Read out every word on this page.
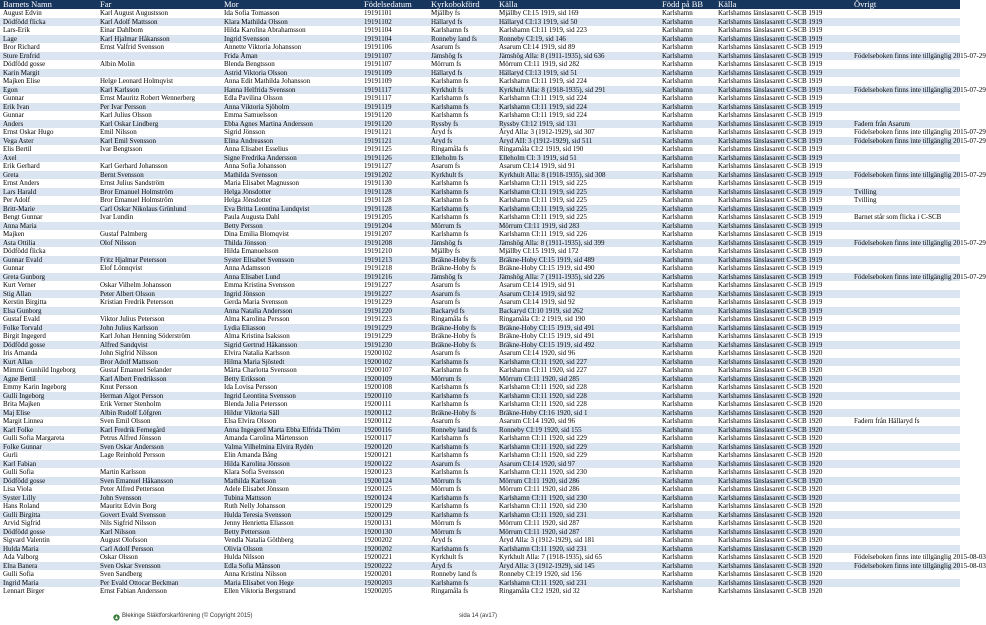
Barnets Namn	Far	Mor	Födelsedatum	Kyrkobokförd	Källa	Född på BB	Källa	Övrigt
August Edvin	Karl August Augustsson	Ida Sofia Tomasson	19191101	Mjällby fs	Mjällby CI:15 1919, sid 169	Karlshamn	Karlshamns länslasarett C-SCB 1919	
Dödfödd flicka	Karl Adolf Mattsson	Klara Mathilda Olsson	19191102	Hällaryd fs	Hällaryd CI:13 1919, sid 50	Karlshamn	Karlshamns länslasarett C-SCB 1919	
Lars-Erik	Einar Dahlbom	Hilda Karolina Abrahamsson	19191104	Karlshamn fs	Karlshamn CI:11 1919, sid 223	Karlshamn	Karlshamns länslasarett C-SCB 1919	
Lage	Karl Hjalmar Håkansson	Ingrid Svensson	19191104	Ronneby land fs	Ronneby CI:19, sid 146	Karlshamn	Karlshamns länslasarett C-SCB 1919	
Bror Richard	Ernst Valfrid Svensson	Annette Viktoria Johansson	19191106	Asarum fs	Asarum CI:14 1919, sid 89	Karlshamn	Karlshamns länslasarett C-SCB 1919	
Sture Ernfrid		Frida Åman	19191107	Jämshög fs	Jämshög Alla: 8 (1911-1935), sid 636	Karlshamn	Karlshamns länslasarett C-SCB 1919	Födelseboken finns inte tillgänglig 2015-07-29
Dödfödd gosse	Albin Molin	Blenda Bengtsson	19191107	Mörrum fs	Mörrum CI:11 1919, sid 282	Karlshamn	Karlshamns länslasarett C-SCB 1919	
Karin Margit		Astrid Viktoria Olsson	19191109	Hällaryd fs	Hällaryd CI:13 1919, sid 51	Karlshamn	Karlshamns länslasarett C-SCB 1919	
Majken Elise	Helge Leonard Holmqvist	Anna Edit Mathilda Johansson	19191109	Karlshamn fs	Karlshamn CI:11 1919, sid 224	Karlshamn	Karlshamns länslasarett C-SCB 1919	
Egon	Karl Karlsson	Hanna Helfrida Svensson	19191117	Kyrkhult fs	Kyrkhult Alla: 8 (1918-1935), sid 291	Karlshamn	Karlshamns länslasarett C-SCB 1919	Födelseboken finns inte tillgänglig 2015-07-29
Gunnar	Ernst Mauritz Robert Wennerberg	Edla Pavilina Olsson	19191117	Karlshamn fs	Karlshamn CI:11 1919, sid 224	Karlshamn	Karlshamns länslasarett C-SCB 1919	
Erik Ivan	Per Ivar Persson	Anna Viktoria Sjöholm	19191119	Karlshamn fs	Karlshamn CI:11 1919, sid 224	Karlshamn	Karlshamns länslasarett C-SCB 1919	
Gunnar	Karl Julius Olsson	Emma Samuelsson	19191120	Karlshamn fs	Karlshamn CI:11 1919, sid 224	Karlshamn	Karlshamns länslasarett C-SCB 1919	
Anders	Karl Oskar Lindberg	Ebba Agnes Martina Andersson	19191120	Ryssby fs	Ryssby CI:12 1919, sid 131	Karlshamn	Karlshamns länslasarett C-SCB 1919	Fadern från Asarum
Ernst Oskar Hugo	Emil Nilsson	Sigrid Jönsson	19191121	Åryd fs	Åryd Alla: 3 (1912-1929), sid 307	Karlshamn	Karlshamns länslasarett C-SCB 1919	Födelseboken finns inte tillgänglig 2015-07-29
Vega Aster	Karl Emil Svensson	Elina Andreasson	19191121	Åryd fs	Åryd AII: 3 (1912-1929), sid 511	Karlshamn	Karlshamns länslasarett C-SCB 1919	Födelseboken finns inte tillgänglig 2015-07-29
Elis Bertil	Ivar Bengtsson	Anna Elisabet Esselius	19191125	Ringamåla fs	Ringamåla CI:2 1919, sid 190	Karlshamn	Karlshamns länslasarett C-SCB 1919	
Axel		Signe Fredrika Andersson	19191126	Elleholm fs	Elleholm CI: 3 1919, sid 51	Karlshamn	Karlshamns länslasarett C-SCB 1919	
Erik Gerhard	Karl Gerhard Johansson	Anna Sofia Johansson	19191127	Asarum fs	Asarum CI:14 1919, sid 91	Karlshamn	Karlshamns länslasarett C-SCB 1919	
Greta	Bernt Svensson	Mathilda Svensson	19191202	Kyrkhult fs	Kyrkhult Alla: 8 (1918-1935), sid 308	Karlshamn	Karlshamns länslasarett C-SCB 1919	Födelseboken finns inte tillgänglig 2015-07-29
Ernst Anders	Ernst Julius Sandström	Maria Elisabet Magnusson	19191130	Karlshamn fs	Karlshamn CI:11 1919, sid 225	Karlshamn	Karlshamns länslasarett C-SCB 1919	
Lars Harald	Bror Emanuel Holmström	Helga Jönsdotter	19191128	Karlshamn fs	Karlshamn CI:11 1919, sid 225	Karlshamn	Karlshamns länslasarett C-SCB 1919	Tvilling
Per Adolf	Bror Emanuel Holmström	Helga Jönsdotter	19191128	Karlshamn fs	Karlshamn CI:11 1919, sid 225	Karlshamn	Karlshamns länslasarett C-SCB 1919	Tvilling
Britt-Marie	Carl Oskar Nikolaus Grünlund	Eva Britta Leontina Lundqvist	19191128	Karlshamn fs	Karlshamn CI:11 1919, sid 225	Karlshamn	Karlshamns länslasarett C-SCB 1919	
Bengt Gunnar	Ivar Lundin	Paula Augusta Dahl	19191205	Karlshamn fs	Karlshamn CI:11 1919, sid 225	Karlshamn	Karlshamns länslasarett C-SCB 1919	Barnet står som flicka i C-SCB
Anna Maria		Betty Persson	19191204	Mörrum fs	Mörrum CI:11 1919, sid 283	Karlshamn	Karlshamns länslasarett C-SCB 1919	
Majken	Gustaf Palmberg	Dina Emilia Blomqvist	19191207	Karlshamn fs	Karlshamn CI:11 1919, sid 226	Karlshamn	Karlshamns länslasarett C-SCB 1919	
Asta Ottilia	Olof Nilsson	Thilda Jönsson	19191208	Jämshög fs	Jämshög Alla: 8 (1911-1935), sid 399	Karlshamn	Karlshamns länslasarett C-SCB 1919	Födelseboken finns inte tillgänglig 2015-07-29
Dödfödd flicka		Hilda Emanuelsson	19191210	Mjällby fs	Mjällby CI:15 1919, sid 172	Karlshamn	Karlshamns länslasarett C-SCB 1919	
Gunnar Evald	Fritz Hjalmar Petersson	Syster Elisabet Svensson	19191213	Bräkne-Hoby fs	Bräkne-Hoby CI:15 1919, sid 489	Karlshamn	Karlshamns länslasarett C-SCB 1919	
Gunnar	Elof Lönnqvist	Anna Adamsson	19191218	Bräkne-Hoby fs	Bräkne-Hoby CI:15 1919, sid 490	Karlshamn	Karlshamns länslasarett C-SCB 1919	
Greta Gunborg		Anna Elisabet Lund	19191216	Jämshög fs	Jämshög Alla: 7 (1911-1935), sid 226	Karlshamn	Karlshamns länslasarett C-SCB 1919	Födelseboken finns inte tillgänglig 2015-07-29
Kurt Verner	Oskar Vilhelm Johansson	Emma Kristina Svensson	19191227	Asarum fs	Asarum CI:14 1919, sid 91	Karlshamn	Karlshamns länslasarett C-SCB 1919	
Stig Allan	Peter Albert Olsson	Ingrid Jönsson	19191227	Asarum fs	Asarum CI:14 1919, sid 92	Karlshamn	Karlshamns länslasarett C-SCB 1919	
Kerstin Birgitta	Kristian Fredrik Petersson	Gerda Maria Svensson	19191229	Asarum fs	Asarum CI:14 1919, sid 92	Karlshamn	Karlshamns länslasarett C-SCB 1919	
Elsa Gunborg		Anna Natalia Andersson	19191220	Backaryd fs	Backaryd CI:10 1919, sid 262	Karlshamn	Karlshamns länslasarett C-SCB 1919	
Gustaf Evald	Viktor Julius Petersson	Alma Karolina Persson	19191223	Ringamåla fs	Ringamåla CI: 2 1919, sid 190	Karlshamn	Karlshamns länslasarett C-SCB 1919	
Folke Torvald	John Julius Karlsson	Lydia Eliasson	19191229	Bräkne-Hoby fs	Bräkne-Hoby CI:15 1919, sid 491	Karlshamn	Karlshamns länslasarett C-SCB 1919	
Birgit Ingegerd	Karl Johan Henning Söderström	Alma Kristina Isaksson	19191229	Bräkne-Hoby fs	Bräkne-Hoby CI:15 1919, sid 491	Karlshamn	Karlshamns länslasarett C-SCB 1919	
Dödfödd gosse	Alfred Sandqvist	Sigrid Gertrud Håkansson	19191230	Bräkne-Hoby fs	Bräkne-Hoby CI:15 1919, sid 492	Karlshamn	Karlshamns länslasarett C-SCB 1919	
Iris Amanda	John Sigfrid Nilsson	Elvira Natalia Karlsson	19200102	Asarum fs	Asarum CI:14 1920, sid 96	Karlshamn	Karlshamns länslasarett C-SCB 1920	
Kurt Allan	Bror Adolf Mattsson	Hilma Maria Sjöstedt	19200102	Karlshamn fs	Karlshamn CI:11 1920, sid 227	Karlshamn	Karlshamns länslasarett C-SCB 1920	
Mimmi Gunhild Ingeborg	Gustaf Emanuel Selander	Märta Charlotta Svensson	19200107	Karlshamn fs	Karlshamn CI:11 1920, sid 227	Karlshamn	Karlshamns länslasarett C-SCB 1920	
Agne Bertil	Karl Albert Fredriksson	Betty Eriksson	19200109	Mörrum fs	Mörrum CI:11 1920, sid 285	Karlshamn	Karlshamns länslasarett C-SCB 1920	
Emmy Karin Ingeborg	Knut Persson	Ida Lovisa Persson	19200108	Karlshamn fs	Karlshamn CI:11 1920, sid 228	Karlshamn	Karlshamns länslasarett C-SCB 1920	
Gulli Ingeborg	Herman Algot Persson	Ingrid Leontina Svensson	19200110	Karlshamn fs	Karlshamn CI:11 1920, sid 228	Karlshamn	Karlshamns länslasarett C-SCB 1920	
Brita Majken	Erik Verner Stenholm	Blenda Julia Petersson	19200111	Karlshamn fs	Karlshamn CI:11 1920, sid 228	Karlshamn	Karlshamns länslasarett C-SCB 1920	
Maj Elise	Albin Rudolf Löfgren	Hildur Viktoria Säll	19200112	Bräkne-Hoby fs	Bräkne-Hoby CI:16 1920, sid 1	Karlshamn	Karlshamns länslasarett C-SCB 1920	
Margit Linnea	Sven Emil Olsson	Elsa Elvira Olsson	19200112	Asarum fs	Asarum CI:14 1920, sid 96	Karlshamn	Karlshamns länslasarett C-SCB 1920	Fadern från Hällaryd fs
Karl Folke	Karl Fredrik Fernegård	Anna Ingegerd Marta Ebba Elfrida Thörn	19200116	Ronneby land fs	Ronneby CI:19 1920, sid 155	Karlshamn	Karlshamns länslasarett C-SCB 1920	
Gulli Sofia Margareta	Petrus Alfred Jönsson	Amanda Carolina Mårtensson	19200117	Karlshamn fs	Karlshamn CI:11 1920, sid 229	Karlshamn	Karlshamns länslasarett C-SCB 1920	
Folke Gunnar	Sven Oskar Andersson	Valma Vilhelmina Elvira Rydén	19200120	Karlshamn fs	Karlshamn CI:11 1920, sid 229	Karlshamn	Karlshamns länslasarett C-SCB 1920	
Gurli	Lage Reinhold Persson	Elin Amanda Bång	19200121	Karlshamn fs	Karlshamn CI:11 1920, sid 229	Karlshamn	Karlshamns länslasarett C-SCB 1920	
Karl Fabian		Hilda Karolina Jönsson	19200122	Asarum fs	Asarum CI:14 1920, sid 97	Karlshamn	Karlshamns länslasarett C-SCB 1920	
Gulli Sofia	Martin Karlsson	Klara Sofia Svensson	19200123	Karlshamn fs	Karlshamn CI:11 1920, sid 230	Karlshamn	Karlshamns länslasarett C-SCB 1920	
Dödfödd gosse	Sven Emanuel Håkansson	Mathilda Karlsson	19200124	Mörrum fs	Mörrum CI:11 1920, sid 286	Karlshamn	Karlshamns länslasarett C-SCB 1920	
Lisa Viola	Peter Alfred Pettersson	Adele Elisabet Jönsson	19200125	Mörrum fs	Mörrum CI:11 1920, sid 286	Karlshamn	Karlshamns länslasarett C-SCB 1920	
Syster Lilly	John Svensson	Tubina Mattsson	19200124	Karlshamn fs	Karlshamn CI:11 1920, sid 230	Karlshamn	Karlshamns länslasarett C-SCB 1920	
Hans Roland	Mauritz Edvin Borg	Ruth Nelly Johansson	19200129	Karlshamn fs	Karlshamn CI:11 1920, sid 230	Karlshamn	Karlshamns länslasarett C-SCB 1920	
Gulli Birgitta	Govert Evald Svensson	Hulda Teresia Svensson	19200129	Karlshamn fs	Karlshamn CI:11 1920, sid 231	Karlshamn	Karlshamns länslasarett C-SCB 1920	
Arvid Sigfrid	Nils Sigfrid Nilsson	Jenny Henrietta Eliasson	19200131	Mörrum fs	Mörrum CI:11 1920, sid 287	Karlshamn	Karlshamns länslasarett C-SCB 1920	
Dödfödd gosse	Karl Nilsson	Betty Pettersson	19200130	Mörrum fs	Mörrum CI:11 1920, sid 287	Karlshamn	Karlshamns länslasarett C-SCB 1920	
Sigvard Valentin	August Olofsson	Vendla Natalia Göthberg	19200202	Åryd fs	Åryd Alla: 3 (1912-1929), sid 181	Karlshamn	Karlshamns länslasarett C-SCB 1920	
Hulda Maria	Carl Adolf Persson	Olivia Olsson	19200202	Karlshamn fs	Karlshamn CI:11 1920, sid 231	Karlshamn	Karlshamns länslasarett C-SCB 1920	
Ada Valborg	Oskar Olsson	Hulda Nilsson	19200221	Kyrkhult fs	Kyrkhult Alla: 7 (1918-1935), sid 65	Karlshamn	Karlshamns länslasarett C-SCB 1920	Födelseboken finns inte tillgänglig 2015-08-03
Elna Banera	Sven Oskar Svensson	Edla Sofia Månsson	19200222	Åryd fs	Åryd Alla: 3 (1912-1929), sid 145	Karlshamn	Karlshamns länslasarett C-SCB 1920	Födelseboken finns inte tillgänglig 2015-08-03
Gulli Sofia	Sven Sandberg	Anna Kristina Nilsson	19200201	Ronneby land fs	Ronneby CI:19 1920, sid 156	Karlshamn	Karlshamns länslasarett C-SCB 1920	
Ingrid Maria	Per Evald Ottocar Beckman	Maria Elisabet von Hege	19200203	Karlshamn fs	Karlshamn CI:11 1920, sid 231	Karlshamn	Karlshamns länslasarett C-SCB 1920	
Lennart Birger	Ernst Fabian Andersson	Ellen Viktoria Bergstrand	19200205	Ringamåla fs	Ringamåla CI:2 1920, sid 32	Karlshamn	Karlshamns länslasarett C-SCB 1920	
Blekinge Släktforskarförening (© Copyright 2015)	sida 14 (av17)
